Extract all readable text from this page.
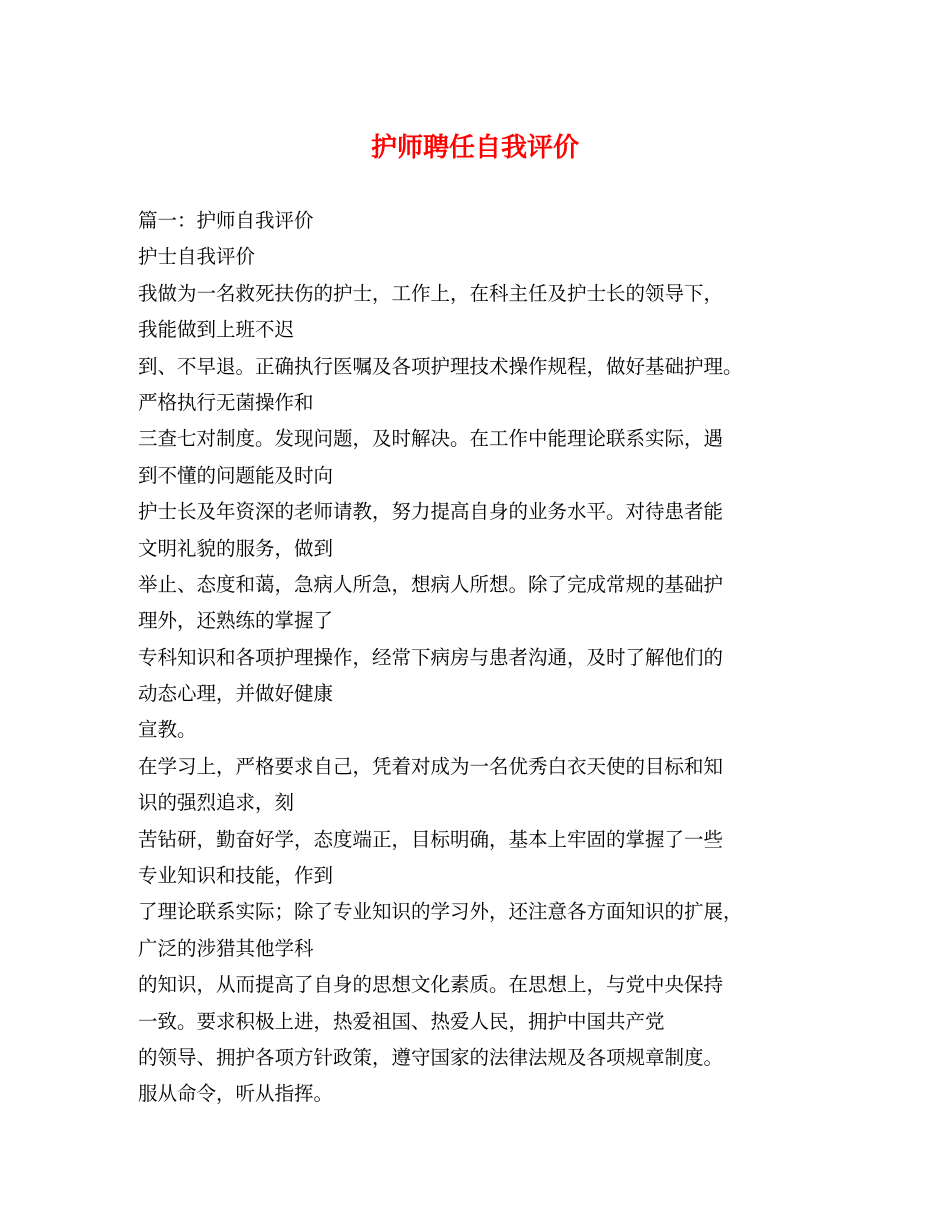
护师聘任自我评价
篇一：护师自我评价
护士自我评价
我做为一名救死扶伤的护士，工作上，在科主任及护士长的领导下，
我能做到上班不迟
到、不早退。正确执行医嘱及各项护理技术操作规程，做好基础护理。
严格执行无菌操作和
三查七对制度。发现问题，及时解决。在工作中能理论联系实际，遇
到不懂的问题能及时向
护士长及年资深的老师请教，努力提高自身的业务水平。对待患者能
文明礼貌的服务，做到
举止、态度和蔼，急病人所急，想病人所想。除了完成常规的基础护
理外，还熟练的掌握了
专科知识和各项护理操作，经常下病房与患者沟通，及时了解他们的
动态心理，并做好健康
宣教。
在学习上，严格要求自己，凭着对成为一名优秀白衣天使的目标和知
识的强烈追求，刻
苦钻研，勤奋好学，态度端正，目标明确，基本上牢固的掌握了一些
专业知识和技能，作到
了理论联系实际；除了专业知识的学习外，还注意各方面知识的扩展，
广泛的涉猎其他学科
的知识，从而提高了自身的思想文化素质。在思想上，与党中央保持
一致。要求积极上进，热爱祖国、热爱人民，拥护中国共产党
的领导、拥护各项方针政策，遵守国家的法律法规及各项规章制度。
服从命令，听从指挥。
